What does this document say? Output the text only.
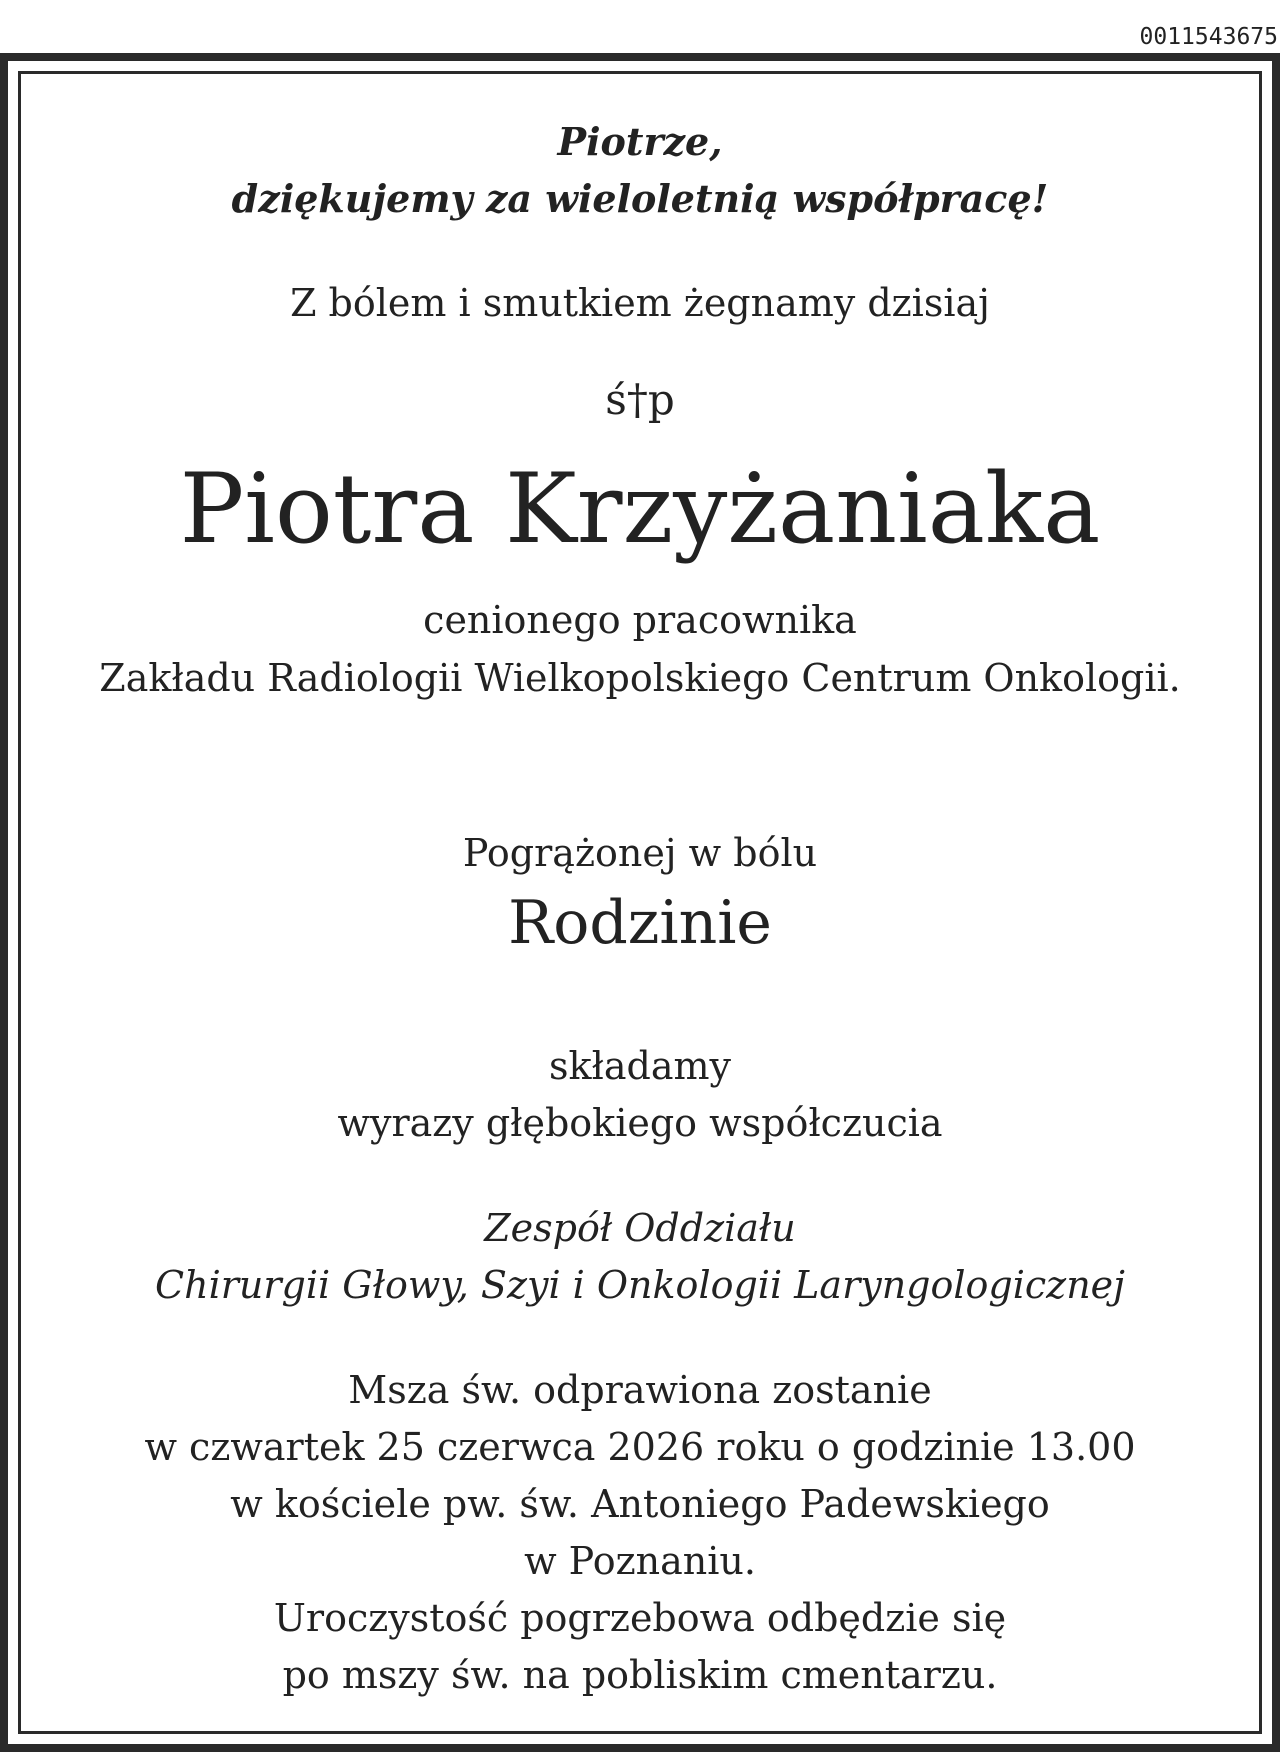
0011543675
Piotrze,
dziękujemy za wieloletnią współpracę!
Z bólem i smutkiem żegnamy dzisiaj
ś†p
Piotra Krzyżaniaka
cenionego pracownika
Zakładu Radiologii Wielkopolskiego Centrum Onkologii.
Pogrążonej w bólu
Rodzinie
składamy
wyrazy głębokiego współczucia
Zespół Oddziału
Chirurgii Głowy, Szyi i Onkologii Laryngologicznej
Msza św. odprawiona zostanie
w czwartek 25 czerwca 2026 roku o godzinie 13.00
w kościele pw. św. Antoniego Padewskiego
w Poznaniu.
Uroczystość pogrzebowa odbędzie się
po mszy św. na pobliskim cmentarzu.
